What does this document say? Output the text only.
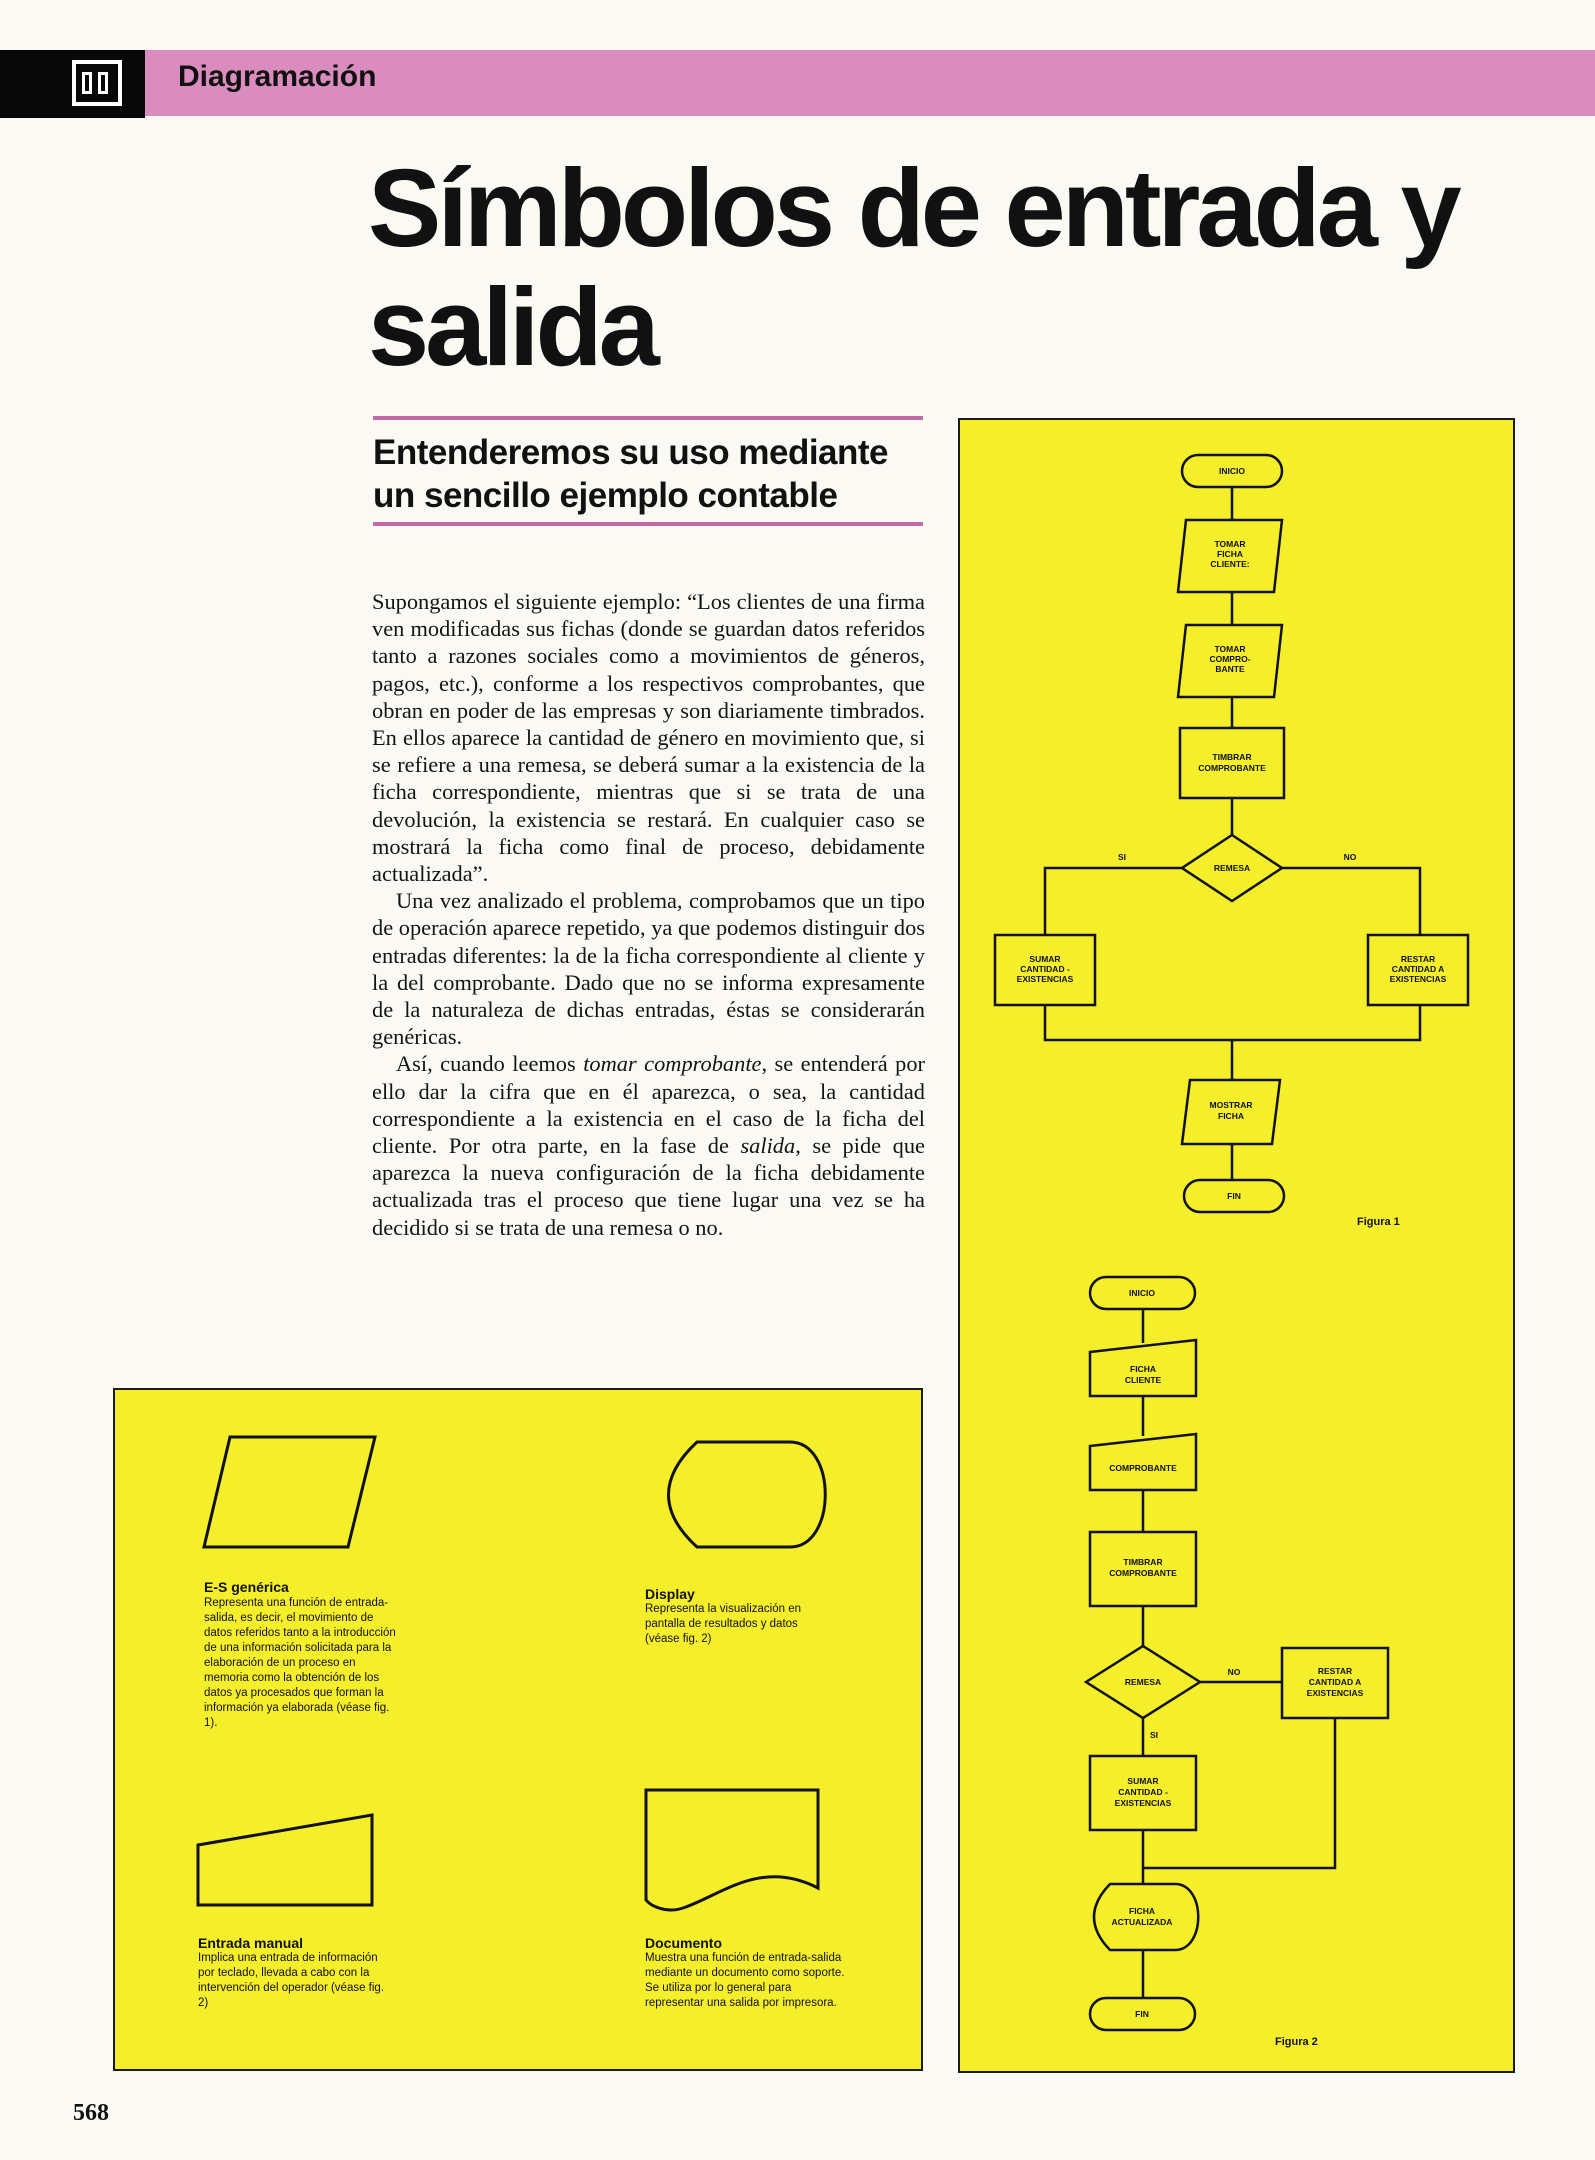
Diagramación
Símbolos de entrada y salida
Entenderemos su uso mediante un sencillo ejemplo contable

Supongamos el siguiente ejemplo: “Los clientes de una firma ven modificadas sus fichas (donde se guardan datos referidos tanto a razones sociales como a movimientos de géneros, pagos, etc.), conforme a los respectivos comprobantes, que obran en poder de las empresas y son diariamente timbrados. En ellos aparece la cantidad de género en movimiento que, si se refiere a una remesa, se deberá sumar a la existencia de la ficha correspondiente, mientras que si se trata de una devolución, la existencia se restará. En cualquier caso se mostrará la ficha como final de proceso, debidamente actualizada”.

Una vez analizado el problema, comprobamos que un tipo de operación aparece repetido, ya que podemos distinguir dos entradas diferentes: la de la ficha correspondiente al cliente y la del comprobante. Dado que no se informa expresamente de la naturaleza de dichas entradas, éstas se considerarán genéricas.

Así, cuando leemos tomar comprobante, se entenderá por ello dar la cifra que en él aparezca, o sea, la cantidad correspondiente a la existencia en el caso de la ficha del cliente. Por otra parte, en la fase de salida, se pide que aparezca la nueva configuración de la ficha debidamente actualizada tras el proceso que tiene lugar una vez se ha decidido si se trata de una remesa o no.

E-S genérica
Representa una función de entrada-salida, es decir, el movimiento de datos referidos tanto a la introducción de una información solicitada para la elaboración de un proceso en memoria como la obtención de los datos ya procesados que forman la información ya elaborada (véase fig. 1).
Display
Representa la visualización en pantalla de resultados y datos (véase fig. 2)
Entrada manual
Implica una entrada de información por teclado, llevada a cabo con la intervención del operador (véase fig. 2)
Documento
Muestra una función de entrada-salida mediante un documento como soporte. Se utiliza por lo general para representar una salida por impresora.
INICIO
TOMAR
FICHA
CLIENTE:
TOMAR
COMPRO-
BANTE
TIMBRAR
COMPROBANTE
REMESA
SI	NO
SUMAR
CANTIDAD -
EXISTENCIAS
RESTAR
CANTIDAD A
EXISTENCIAS
MOSTRAR
FICHA
FIN
INICIO
FICHA
CLIENTE
COMPROBANTE
TIMBRAR
COMPROBANTE
REMESA
NO
SI
RESTAR
CANTIDAD A
EXISTENCIAS
SUMAR
CANTIDAD -
EXISTENCIAS
FICHA
ACTUALIZADA
FIN
Figura 1
Figura 2
568
